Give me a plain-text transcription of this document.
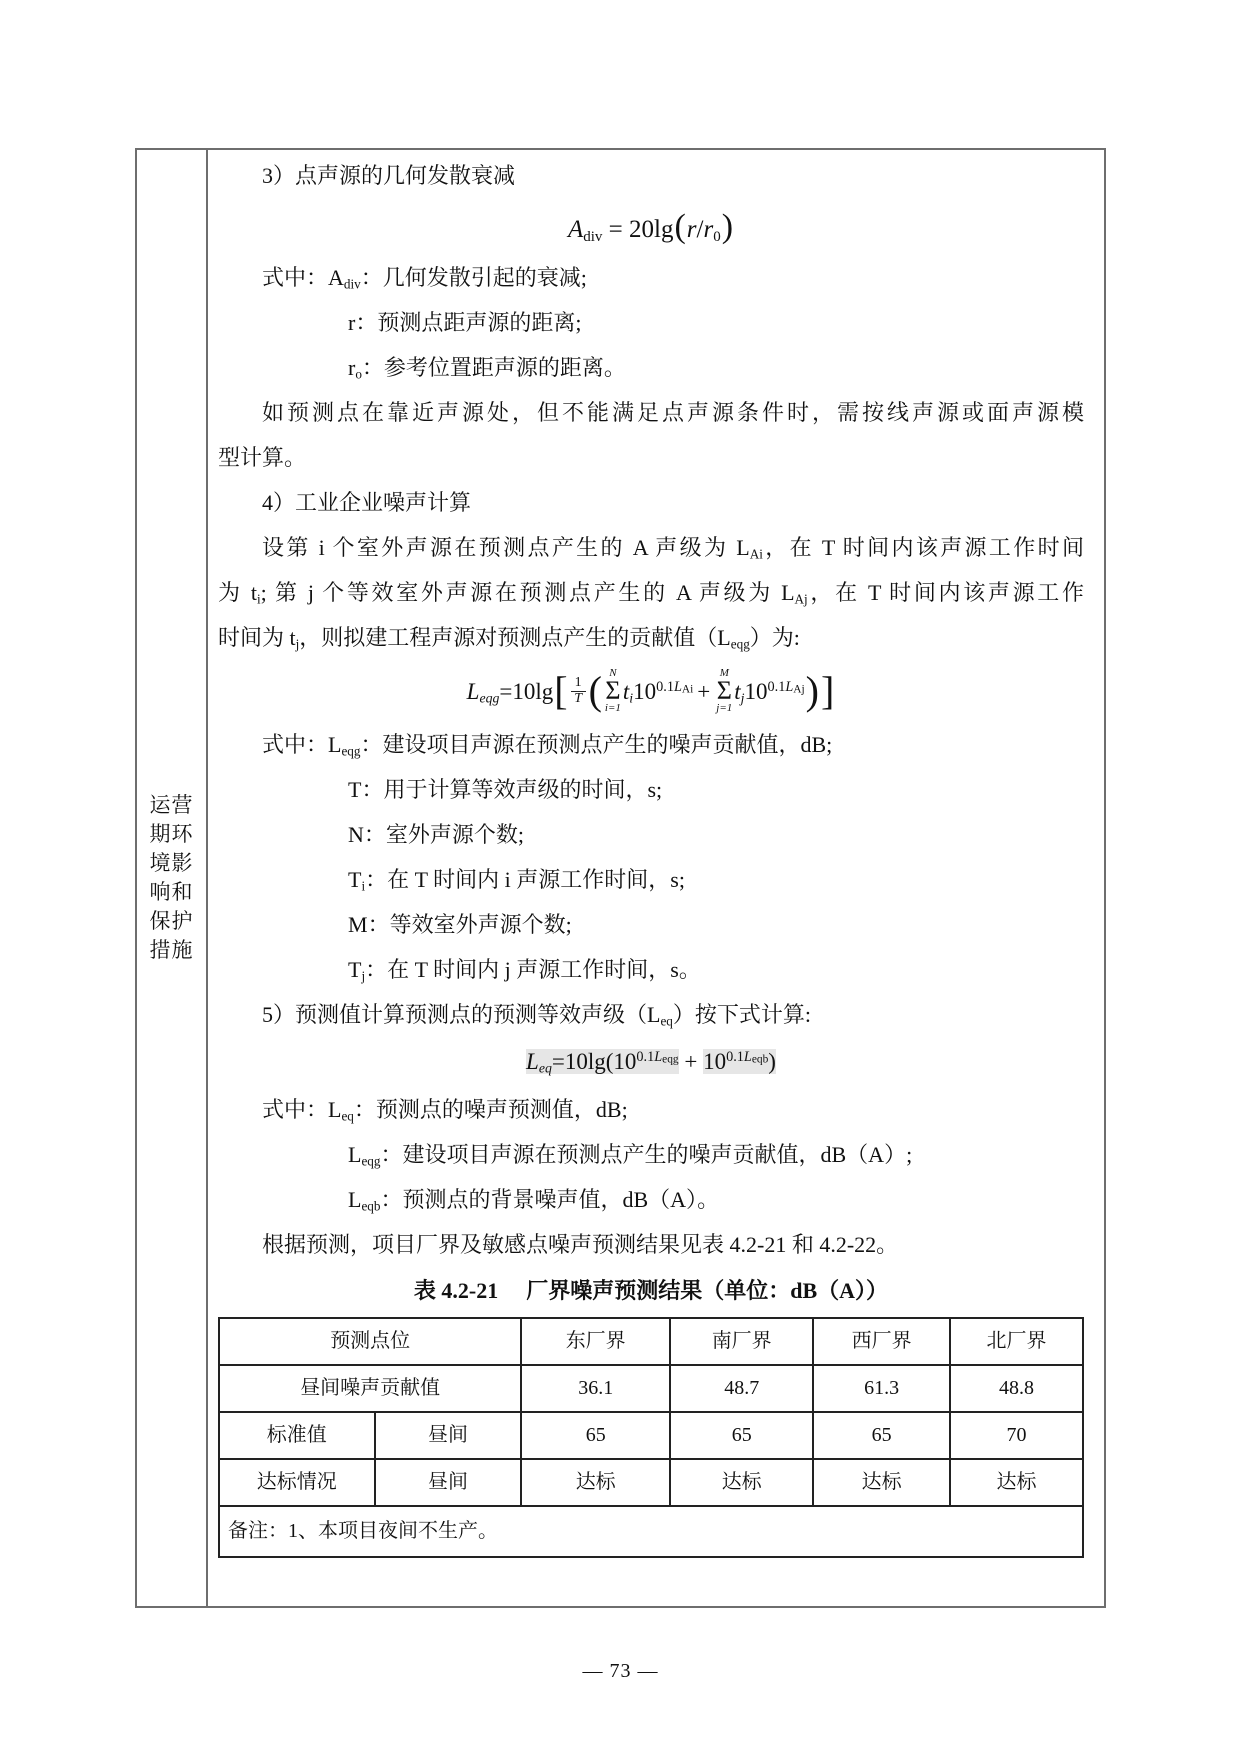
运营
期环
境影
响和
保护
措施
3）点声源的几何发散衰减
$A_{div} = 20\lg(r/r_0)$
式中：$A_{div}$：几何发散引起的衰减;
r：预测点距声源的距离;
$r_o$：参考位置距声源的距离。
如预测点在靠近声源处，但不能满足点声源条件时，需按线声源或面声源模
型计算。
4）工业企业噪声计算
设第 i 个室外声源在预测点产生的 A 声级为 $L_{Ai}$，在 T 时间内该声源工作时间
为 $t_i$; 第 j 个等效室外声源在预测点产生的 A 声级为 $L_{Aj}$，在 T 时间内该声源工作
时间为 $t_j$，则拟建工程声源对预测点产生的贡献值$(L_{eqg})$为:
$L_{eqg} =10\lg$ [ $\frac{1}{T}$ ( N
Σ
i=1
$t_i10^{0.1L_{Ai}}$ +
M
Σ
j=1
$t_j10^{0.1L_{Aj}}$ ) ]
式中：$L_{eqg}$：建设项目声源在预测点产生的噪声贡献值，dB;
T：用于计算等效声级的时间，s;
N：室外声源个数;
$T_i$：在 T 时间内 i 声源工作时间，s;
M：等效室外声源个数;
$T_j$：在 T 时间内 j 声源工作时间，s。
5）预测值计算预测点的预测等效声级$(L_{eq})$按下式计算:
$L_{eq}=10\lg(10^{0.1L_{eqg}} + 10^{0.1L_{eqb}})$
式中：$L_{eq}$：预测点的噪声预测值，dB;
$L_{eqg}$：建设项目声源在预测点产生的噪声贡献值，dB（A）;
$L_{eqb}$：预测点的背景噪声值，dB（A）。
根据预测，项目厂界及敏感点噪声预测结果见表 4.2-21 和 4.2-22。
表 4.2-21 厂界噪声预测结果（单位：dB（A））
预测点位		东厂界	南厂界	西厂界	北厂界
昼间噪声贡献值		36.1	48.7	61.3	48.8
标准值	昼间	65	65	65	70
达标情况	昼间	达标	达标	达标	达标
备注：1、本项目夜间不生产。					
— 73 —
